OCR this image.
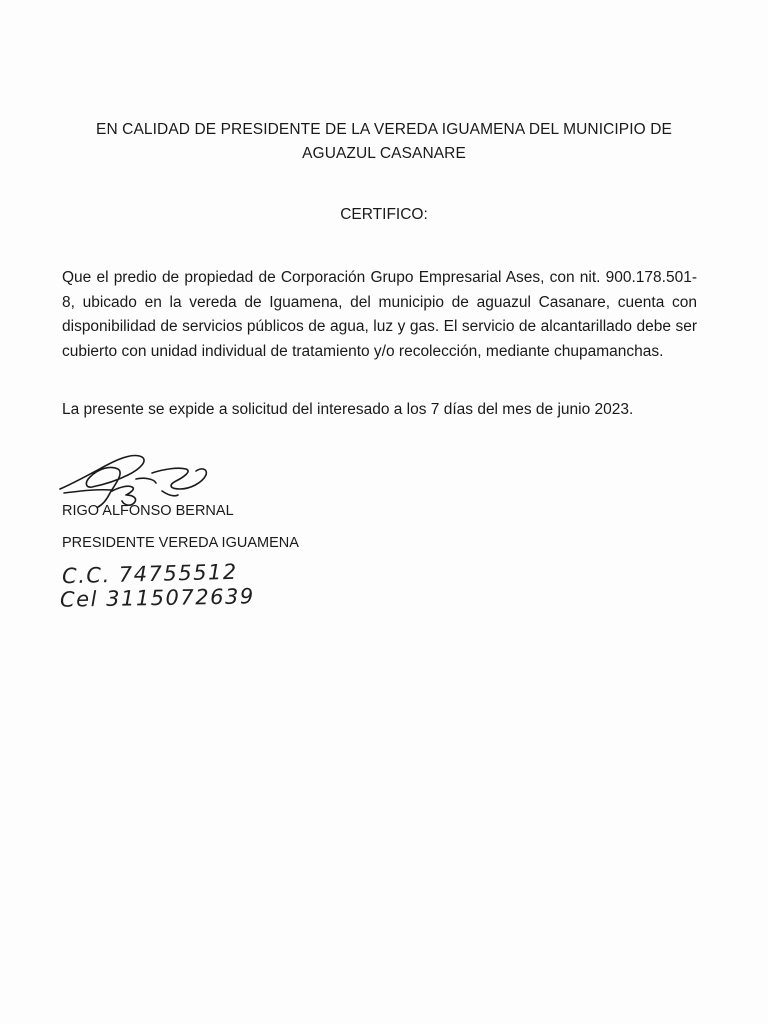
EN CALIDAD DE PRESIDENTE DE LA VEREDA IGUAMENA DEL MUNICIPIO DE AGUAZUL CASANARE
CERTIFICO:

Que el predio de propiedad de Corporación Grupo Empresarial Ases, con nit. 900.178.501-8, ubicado en la vereda de Iguamena, del municipio de aguazul Casanare, cuenta con disponibilidad de servicios públicos de agua, luz y gas. El servicio de alcantarillado debe ser cubierto con unidad individual de tratamiento y/o recolección, mediante chupamanchas.

La presente se expide a solicitud del interesado a los 7 días del mes de junio 2023.

RIGO ALFONSO BERNAL
PRESIDENTE VEREDA IGUAMENA
C.C. 74755512
Cel 3115072639
